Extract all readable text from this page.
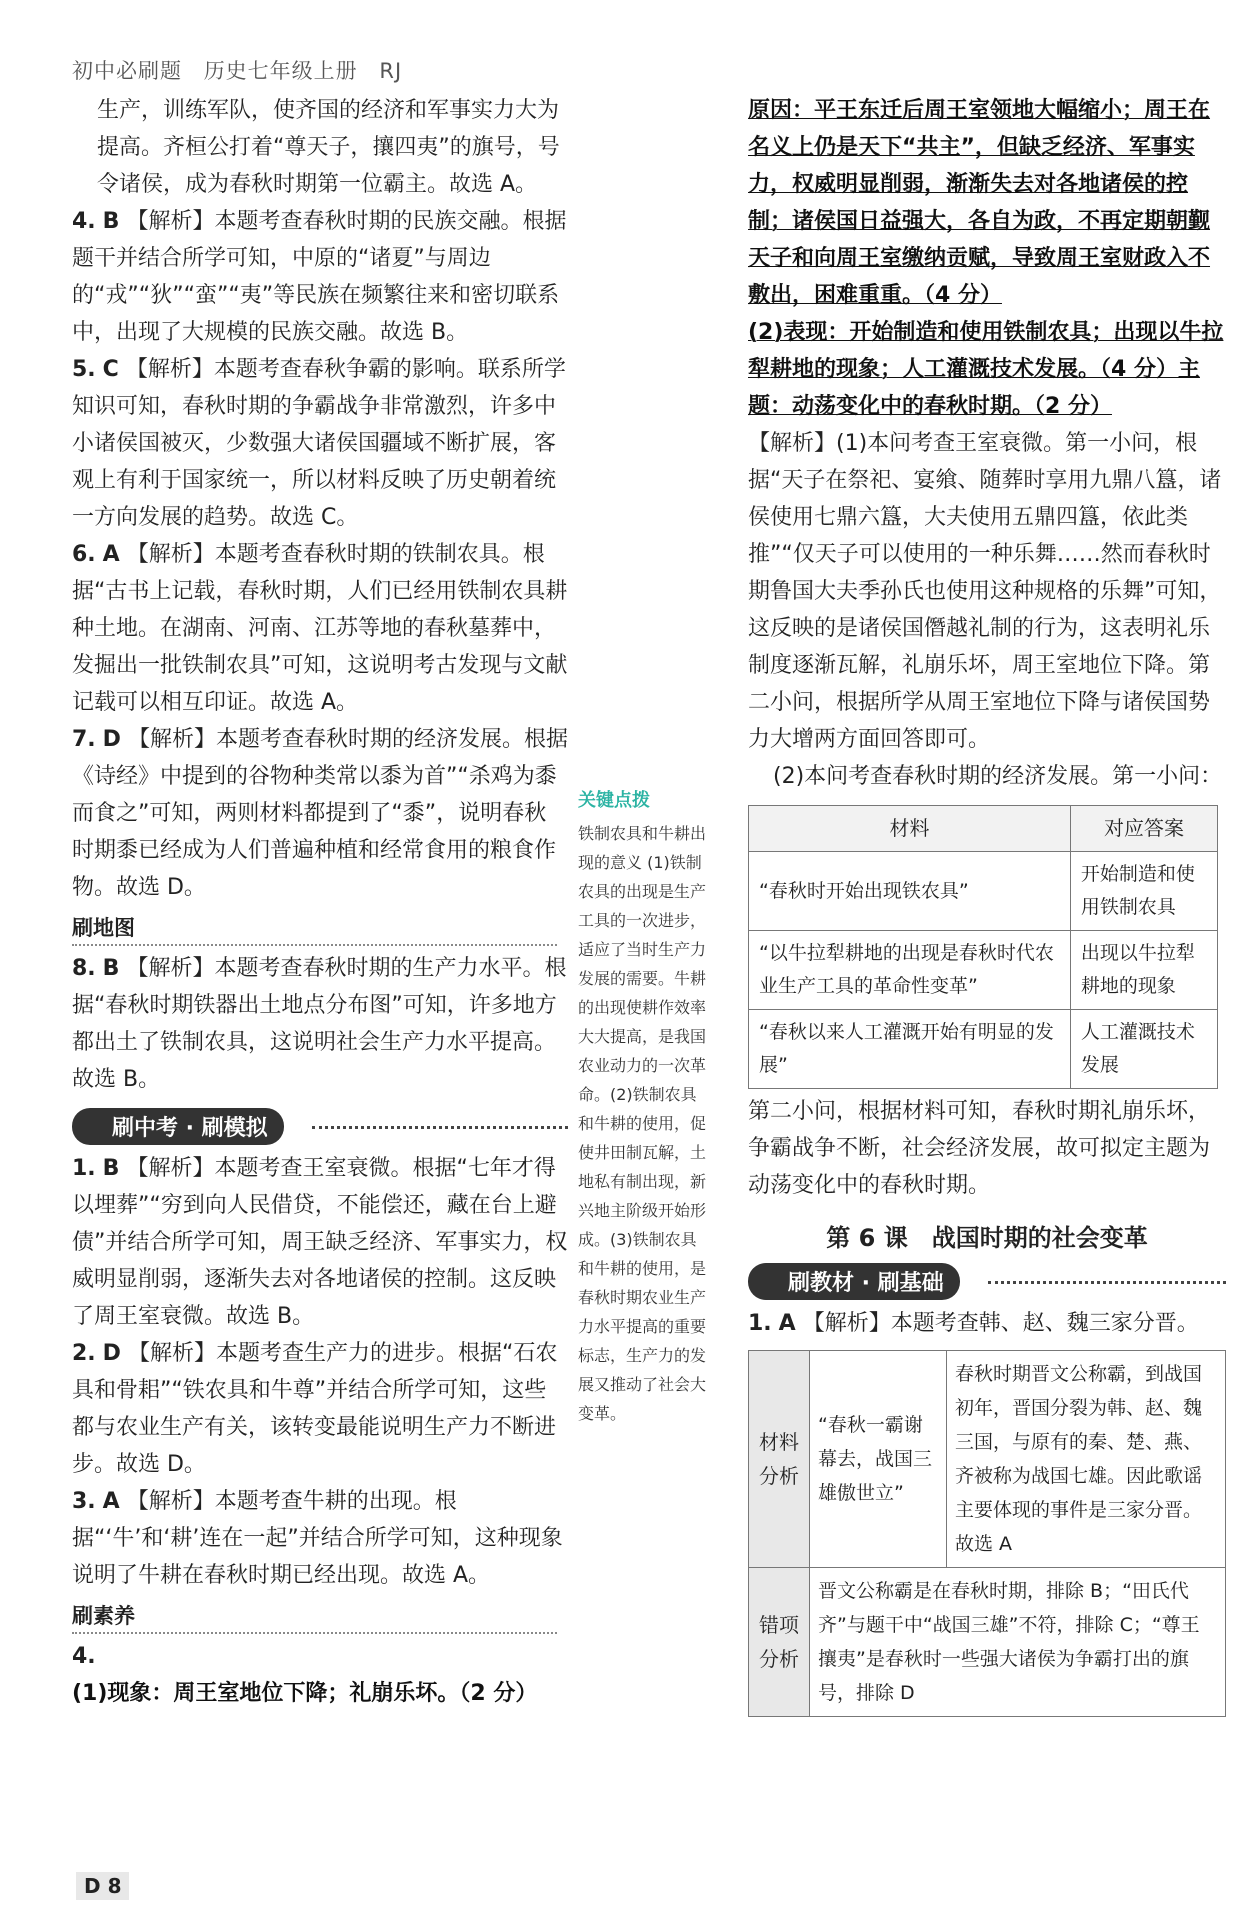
初中必刷题 历史七年级上册 RJ

生产，训练军队，使齐国的经济和军事实力大为提高。齐桓公打着“尊天子，攘四夷”的旗号，号令诸侯，成为春秋时期第一位霸主。故选 A。

4. B 【解析】本题考查春秋时期的民族交融。根据题干并结合所学可知，中原的“诸夏”与周边的“戎”“狄”“蛮”“夷”等民族在频繁往来和密切联系中，出现了大规模的民族交融。故选 B。

5. C 【解析】本题考查春秋争霸的影响。联系所学知识可知，春秋时期的争霸战争非常激烈，许多中小诸侯国被灭，少数强大诸侯国疆域不断扩展，客观上有利于国家统一，所以材料反映了历史朝着统一方向发展的趋势。故选 C。

6. A 【解析】本题考查春秋时期的铁制农具。根据“古书上记载，春秋时期，人们已经用铁制农具耕种土地。在湖南、河南、江苏等地的春秋墓葬中，发掘出一批铁制农具”可知，这说明考古发现与文献记载可以相互印证。故选 A。

7. D 【解析】本题考查春秋时期的经济发展。根据《诗经》中提到的谷物种类常以黍为首”“杀鸡为黍而食之”可知，两则材料都提到了“黍”，说明春秋时期黍已经成为人们普遍种植和经常食用的粮食作物。故选 D。

刷地图

8. B 【解析】本题考查春秋时期的生产力水平。根据“春秋时期铁器出土地点分布图”可知，许多地方都出土了铁制农具，这说明社会生产力水平提高。故选 B。

刷中考 · 刷模拟

1. B 【解析】本题考查王室衰微。根据“七年才得以埋葬”“穷到向人民借贷，不能偿还，藏在台上避债”并结合所学可知，周王缺乏经济、军事实力，权威明显削弱，逐渐失去对各地诸侯的控制。这反映了周王室衰微。故选 B。

2. D 【解析】本题考查生产力的进步。根据“石农具和骨耜”“铁农具和牛尊”并结合所学可知，这些都与农业生产有关，该转变最能说明生产力不断进步。故选 D。

3. A 【解析】本题考查牛耕的出现。根据“‘牛’和‘耕’连在一起”并结合所学可知，这种现象说明了牛耕在春秋时期已经出现。故选 A。

刷素养

4. (1)现象：周王室地位下降；礼崩乐坏。（2 分）

关键点拨
铁制农具和牛耕出现的意义 (1)铁制农具的出现是生产工具的一次进步，适应了当时生产力发展的需要。牛耕的出现使耕作效率大大提高，是我国农业动力的一次革命。(2)铁制农具和牛耕的使用，促使井田制瓦解，土地私有制出现，新兴地主阶级开始形成。(3)铁制农具和牛耕的使用，是春秋时期农业生产力水平提高的重要标志，生产力的发展又推动了社会大变革。

原因：平王东迁后周王室领地大幅缩小；周王在名义上仍是天下“共主”，但缺乏经济、军事实力，权威明显削弱，渐渐失去对各地诸侯的控制；诸侯国日益强大，各自为政，不再定期朝觐天子和向周王室缴纳贡赋，导致周王室财政入不敷出，困难重重。（4 分）

(2)表现：开始制造和使用铁制农具；出现以牛拉犁耕地的现象；人工灌溉技术发展。（4 分）主题：动荡变化中的春秋时期。（2 分）

【解析】(1)本问考查王室衰微。第一小问，根据“天子在祭祀、宴飨、随葬时享用九鼎八簋，诸侯使用七鼎六簋，大夫使用五鼎四簋，依此类推”“仅天子可以使用的一种乐舞……然而春秋时期鲁国大夫季孙氏也使用这种规格的乐舞”可知，这反映的是诸侯国僭越礼制的行为，这表明礼乐制度逐渐瓦解，礼崩乐坏，周王室地位下降。第二小问，根据所学从周王室地位下降与诸侯国势力大增两方面回答即可。

(2)本问考查春秋时期的经济发展。第一小问：

材料	对应答案
“春秋时开始出现铁农具”	开始制造和使用铁制农具
“以牛拉犁耕地的出现是春秋时代农业生产工具的革命性变革”	出现以牛拉犁耕地的现象
“春秋以来人工灌溉开始有明显的发展”	人工灌溉技术发展

第二小问，根据材料可知，春秋时期礼崩乐坏，争霸战争不断，社会经济发展，故可拟定主题为动荡变化中的春秋时期。

第 6 课　战国时期的社会变革
刷教材 · 刷基础

1. A 【解析】本题考查韩、赵、魏三家分晋。

材料分析	“春秋一霸谢幕去，战国三雄傲世立”	春秋时期晋文公称霸，到战国初年，晋国分裂为韩、赵、魏三国，与原有的秦、楚、燕、齐被称为战国七雄。因此歌谣主要体现的事件是三家分晋。故选 A
错项分析	晋文公称霸是在春秋时期，排除 B；“田氏代齐”与题干中“战国三雄”不符，排除 C；“尊王攘夷”是春秋时一些强大诸侯为争霸打出的旗号，排除 D	
D 8
